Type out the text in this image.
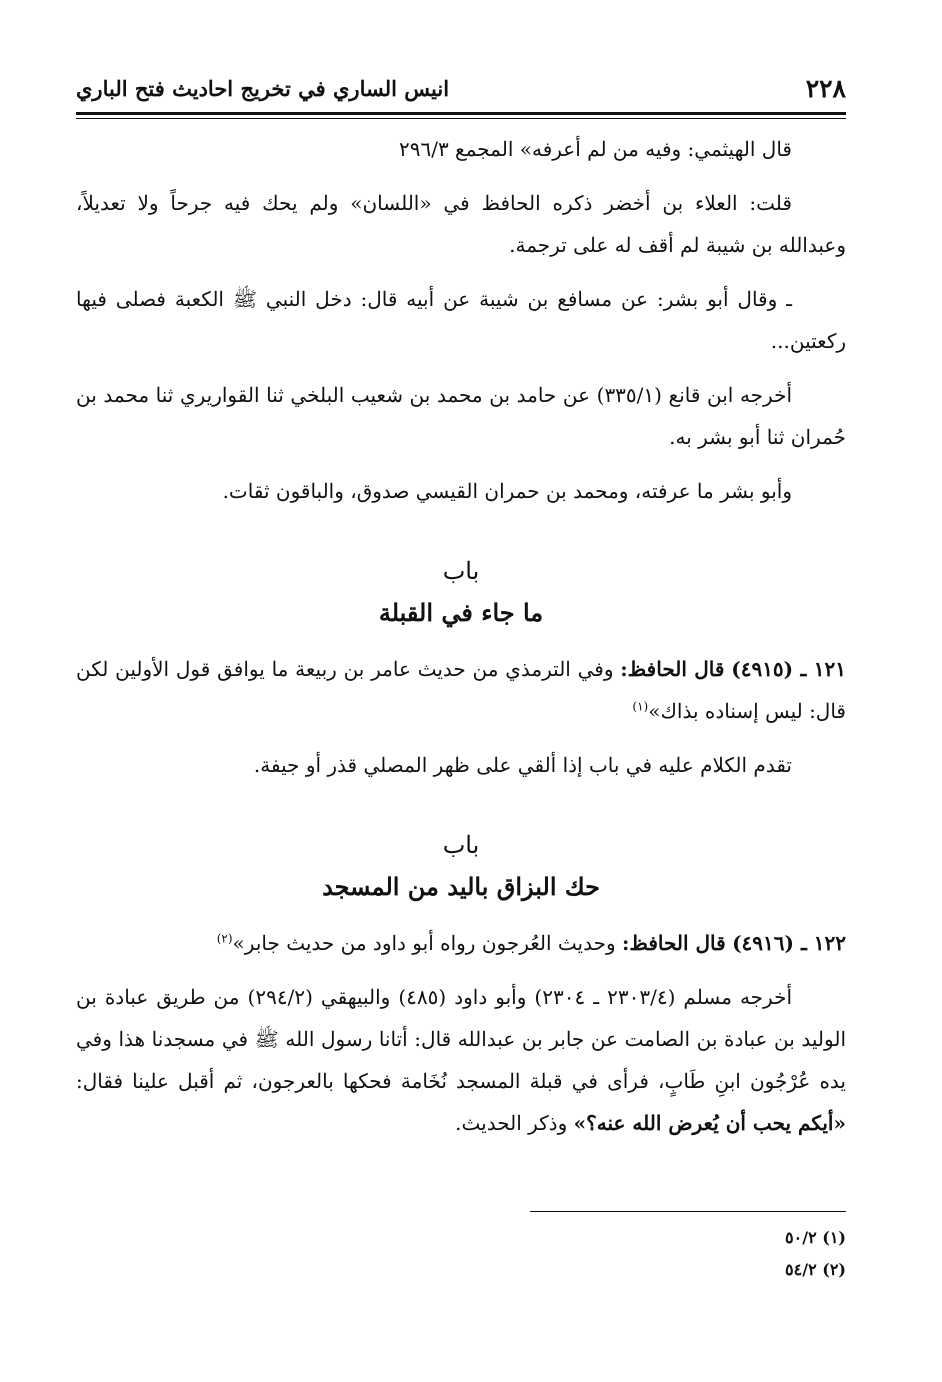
٢٢٨
انيس الساري في تخريج احاديث فتح الباري

قال الهيثمي: وفيه من لم أعرفه» المجمع ٢٩٦/٣

قلت: العلاء بن أخضر ذكره الحافظ في «اللسان» ولم يحك فيه جرحاً ولا تعديلاً، وعبدالله بن شيبة لم أقف له على ترجمة.

ـ وقال أبو بشر: عن مسافع بن شيبة عن أبيه قال: دخل النبي ﷺ الكعبة فصلى فيها ركعتين...

أخرجه ابن قانع (٣٣٥/١) عن حامد بن محمد بن شعيب البلخي ثنا القواريري ثنا محمد بن حُمران ثنا أبو بشر به.

وأبو بشر ما عرفته، ومحمد بن حمران القيسي صدوق، والباقون ثقات.

باب

ما جاء في القبلة

١٢١ ـ (٤٩١٥) قال الحافظ: وفي الترمذي من حديث عامر بن ربيعة ما يوافق قول الأولين لكن قال: ليس إسناده بذاك»$^{(١)}$

تقدم الكلام عليه في باب إذا ألقي على ظهر المصلي قذر أو جيفة.

باب

حك البزاق باليد من المسجد

١٢٢ ـ (٤٩١٦) قال الحافظ: وحديث العُرجون رواه أبو داود من حديث جابر»$^{(٢)}$

أخرجه مسلم (٢٣٠٣/٤ ـ ٢٣٠٤) وأبو داود (٤٨٥) والبيهقي (٢٩٤/٢) من طريق عبادة بن الوليد بن عبادة بن الصامت عن جابر بن عبدالله قال: أتانا رسول الله ﷺ في مسجدنا هذا وفي يده عُرْجُون ابنِ طَابٍ، فرأى في قبلة المسجد نُخَامة فحكها بالعرجون، ثم أقبل علينا فقال: «أيكم يحب أن يُعرض الله عنه؟» وذكر الحديث.

(١) ٥٠/٢
(٢) ٥٤/٢
